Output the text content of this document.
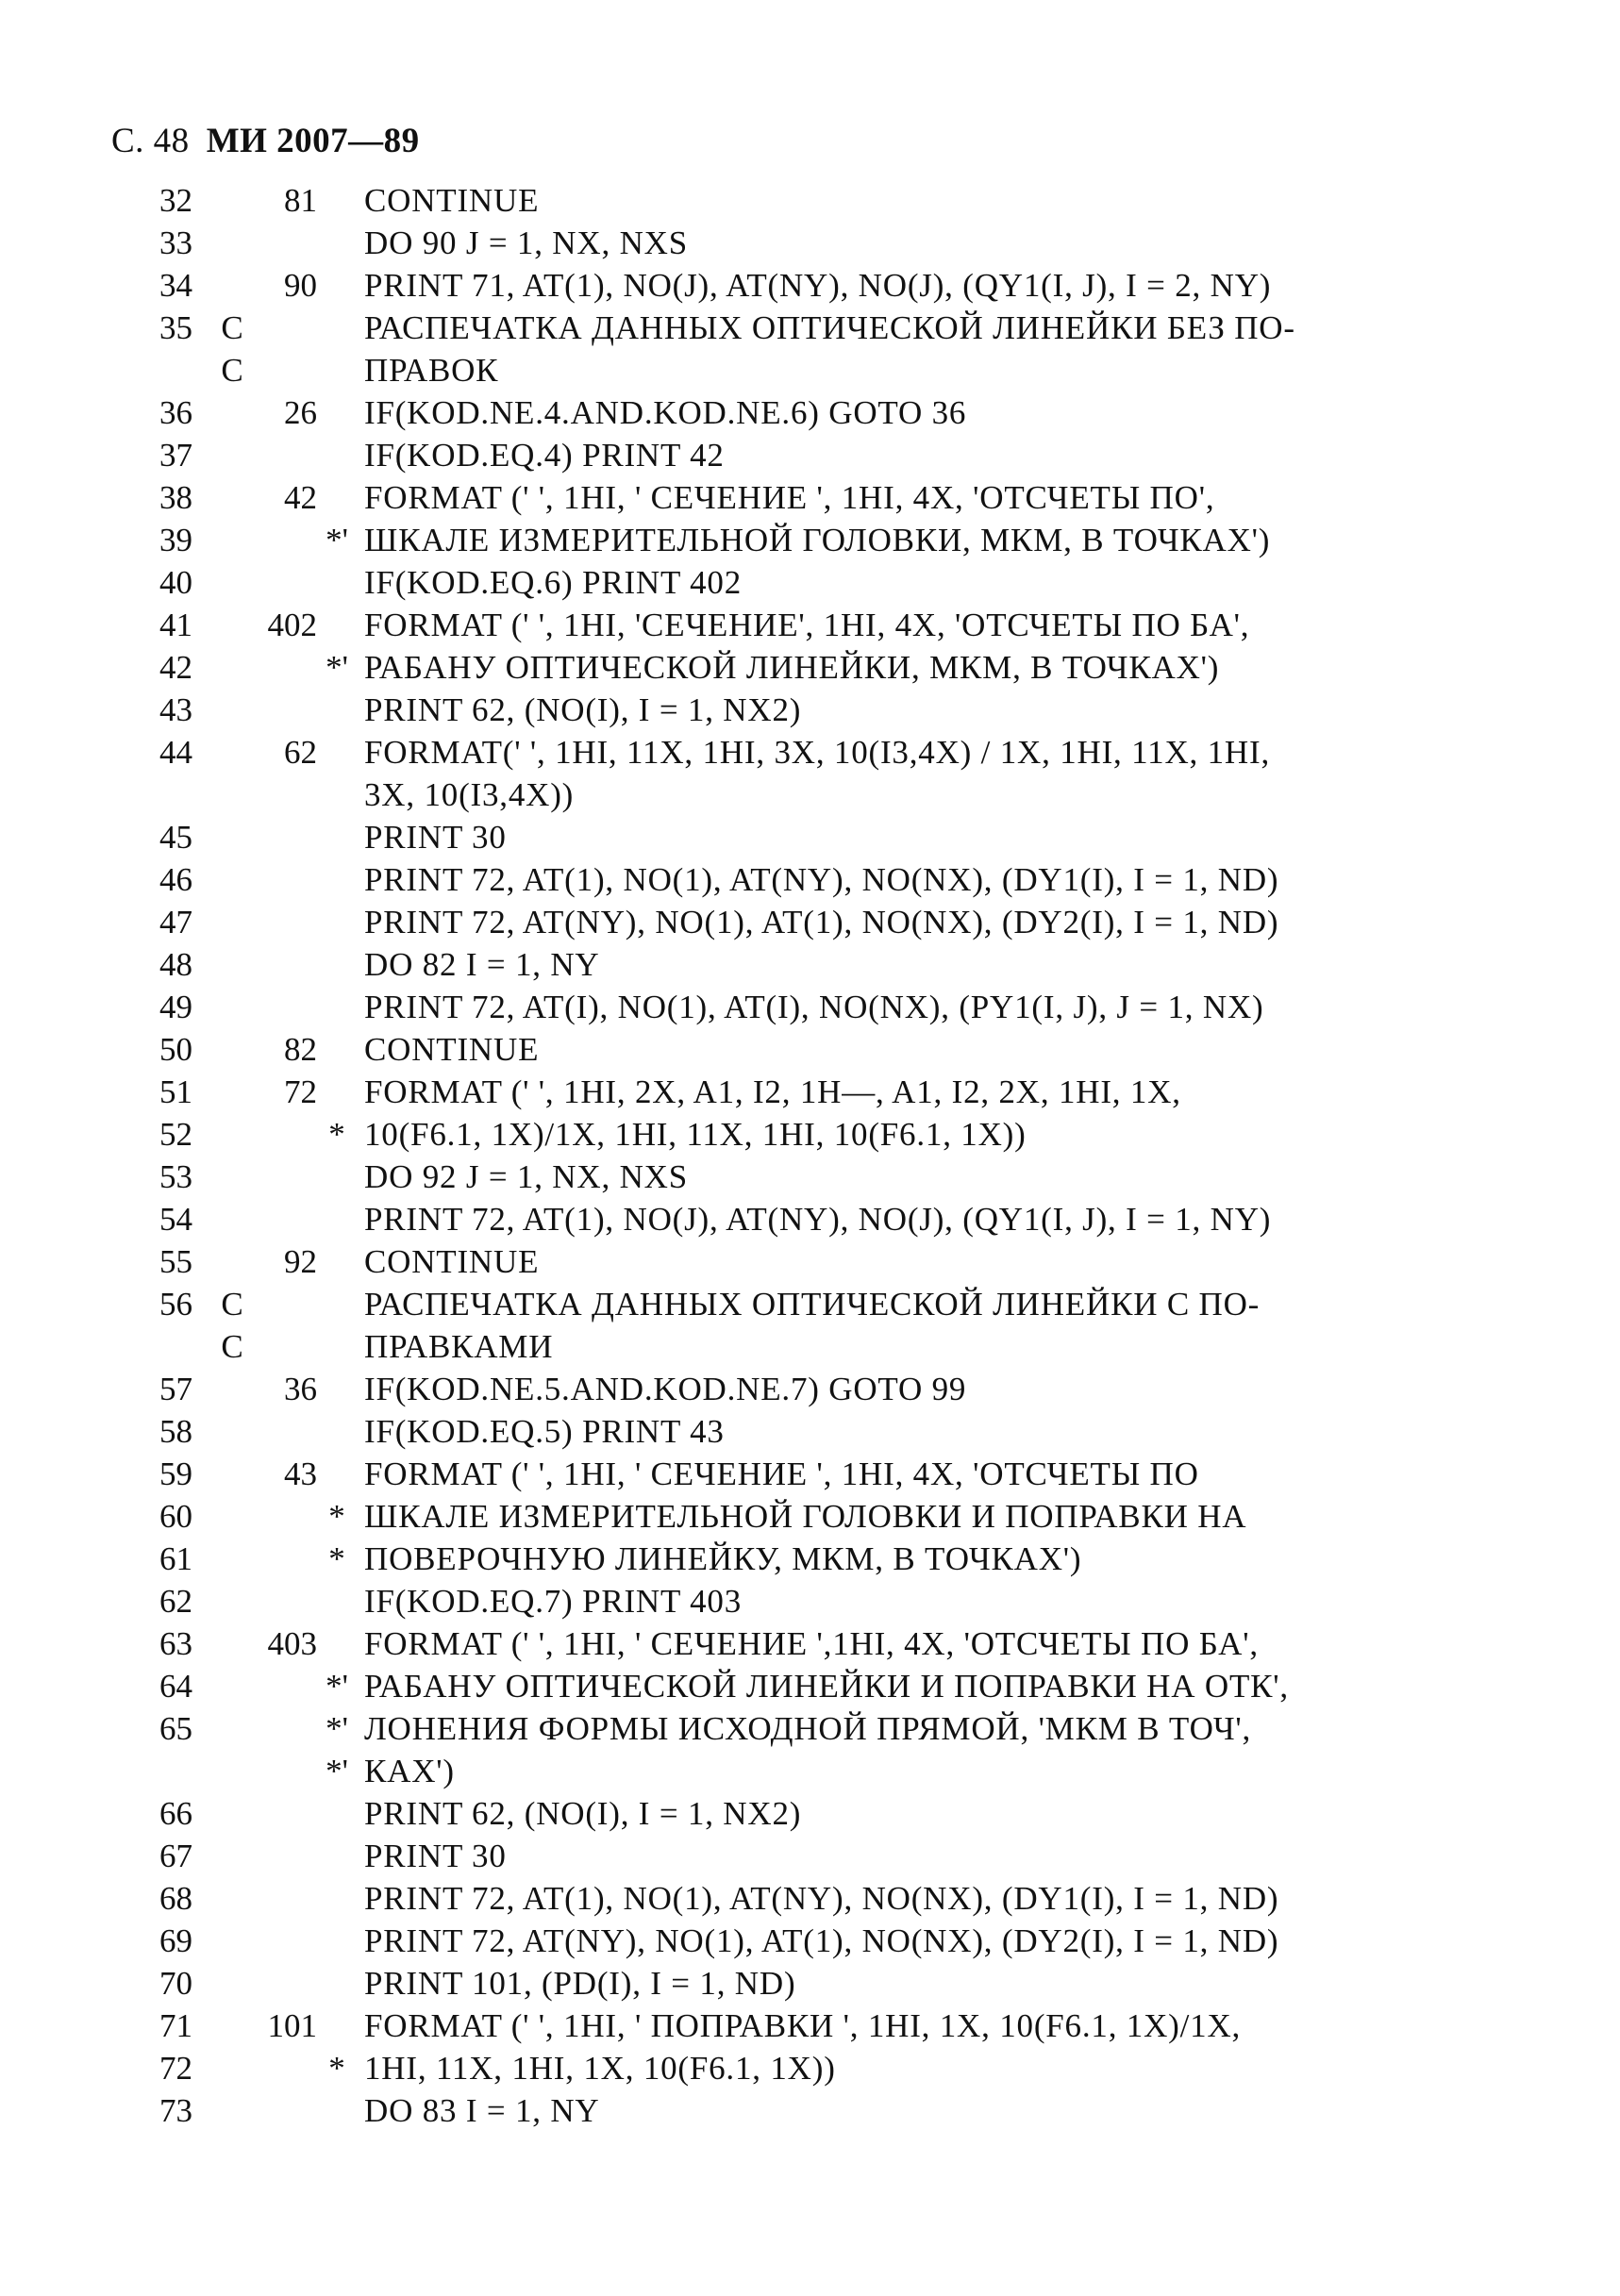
С. 48 МИ 2007—89
32	81 CONTINUE
33	DO 90 J = 1, NX, NXS
34	90 PRINT 71, AT(1), NO(J), AT(NY), NO(J), (QY1(I, J), I = 2, NY)
35 C	РАСПЕЧАТКА ДАННЫХ ОПТИЧЕСКОЙ ЛИНЕЙКИ БЕЗ ПО-
C	ПРАВОК
36	26 IF(KOD.NE.4.AND.KOD.NE.6) GOTO 36
37	IF(KOD.EQ.4) PRINT 42
38	42 FORMAT (' ', 1HI, ' СЕЧЕНИЕ ', 1HI, 4X, 'ОТСЧЕТЫ ПО',
39	*' ШКАЛЕ ИЗМЕРИТЕЛЬНОЙ ГОЛОВКИ, МКМ, В ТОЧКАХ')
40	IF(KOD.EQ.6) PRINT 402
41	402 FORMAT (' ', 1HI, 'СЕЧЕНИЕ', 1HI, 4X, 'ОТСЧЕТЫ ПО БА',
42	*' РАБАНУ ОПТИЧЕСКОЙ ЛИНЕЙКИ, МКМ, В ТОЧКАХ')
43	PRINT 62, (NO(I), I = 1, NX2)
44	62 FORMAT(' ', 1HI, 11X, 1HI, 3X, 10(I3,4X) / 1X, 1HI, 11X, 1HI,
3X, 10(I3,4X))
45	PRINT 30
46	PRINT 72, AT(1), NO(1), AT(NY), NO(NX), (DY1(I), I = 1, ND)
47	PRINT 72, AT(NY), NO(1), AT(1), NO(NX), (DY2(I), I = 1, ND)
48	DO 82 I = 1, NY
49	PRINT 72, AT(I), NO(1), AT(I), NO(NX), (PY1(I, J), J = 1, NX)
50	82 CONTINUE
51	72 FORMAT (' ', 1HI, 2X, A1, I2, 1H—, A1, I2, 2X, 1HI, 1X,
52	* 10(F6.1, 1X)/1X, 1HI, 11X, 1HI, 10(F6.1, 1X))
53	DO 92 J = 1, NX, NXS
54	PRINT 72, AT(1), NO(J), AT(NY), NO(J), (QY1(I, J), I = 1, NY)
55	92 CONTINUE
56 C	РАСПЕЧАТКА ДАННЫХ ОПТИЧЕСКОЙ ЛИНЕЙКИ С ПО-
C	ПРАВКАМИ
57	36 IF(KOD.NE.5.AND.KOD.NE.7) GOTO 99
58	IF(KOD.EQ.5) PRINT 43
59	43 FORMAT (' ', 1HI, ' СЕЧЕНИЕ ', 1HI, 4X, 'ОТСЧЕТЫ ПО
60	* ШКАЛЕ ИЗМЕРИТЕЛЬНОЙ ГОЛОВКИ И ПОПРАВКИ НА
61	* ПОВЕРОЧНУЮ ЛИНЕЙКУ, МКМ, В ТОЧКАХ')
62	IF(KOD.EQ.7) PRINT 403
63	403 FORMAT (' ', 1HI, ' СЕЧЕНИЕ ',1HI, 4X, 'ОТСЧЕТЫ ПО БА',
64	*' РАБАНУ ОПТИЧЕСКОЙ ЛИНЕЙКИ И ПОПРАВКИ НА ОТК',
65	*' ЛОНЕНИЯ ФОРМЫ ИСХОДНОЙ ПРЯМОЙ, 'МКМ В ТОЧ',
*' КАХ')
66	PRINT 62, (NO(I), I = 1, NX2)
67	PRINT 30
68	PRINT 72, AT(1), NO(1), AT(NY), NO(NX), (DY1(I), I = 1, ND)
69	PRINT 72, AT(NY), NO(1), AT(1), NO(NX), (DY2(I), I = 1, ND)
70	PRINT 101, (PD(I), I = 1, ND)
71	101 FORMAT (' ', 1HI, ' ПОПРАВКИ ', 1HI, 1X, 10(F6.1, 1X)/1X,
72	* 1HI, 11X, 1HI, 1X, 10(F6.1, 1X))
73	DO 83 I = 1, NY
